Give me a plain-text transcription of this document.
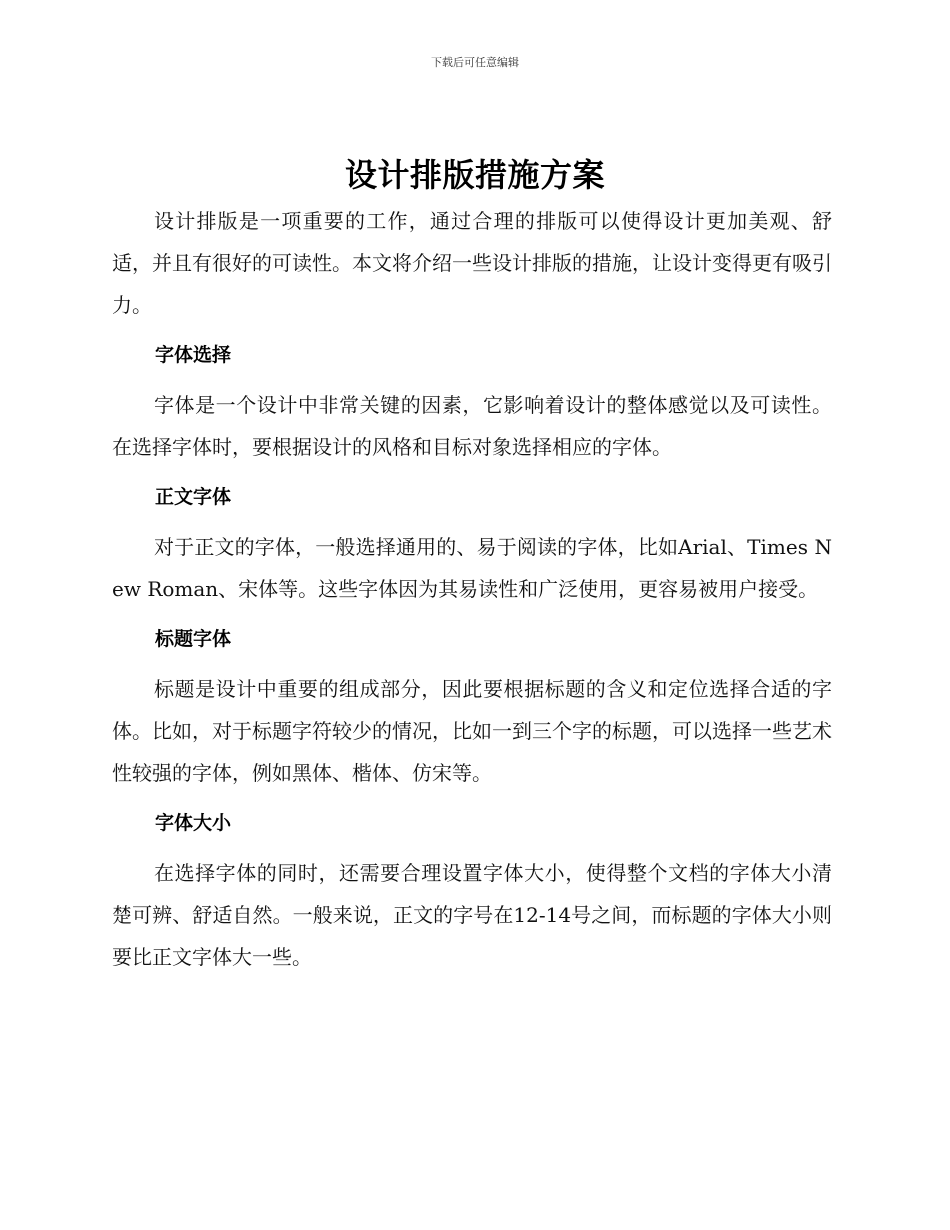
下载后可任意编辑
设计排版措施方案

设计排版是一项重要的工作，通过合理的排版可以使得设计更加美观、舒适，并且有很好的可读性。本文将介绍一些设计排版的措施，让设计变得更有吸引力。

字体选择

字体是一个设计中非常关键的因素，它影响着设计的整体感觉以及可读性。在选择字体时，要根据设计的风格和目标对象选择相应的字体。

正文字体

对于正文的字体，一般选择通用的、易于阅读的字体，比如Arial、Times New Roman、宋体等。这些字体因为其易读性和广泛使用，更容易被用户接受。

标题字体

标题是设计中重要的组成部分，因此要根据标题的含义和定位选择合适的字体。比如，对于标题字符较少的情况，比如一到三个字的标题，可以选择一些艺术性较强的字体，例如黑体、楷体、仿宋等。

字体大小

在选择字体的同时，还需要合理设置字体大小，使得整个文档的字体大小清楚可辨、舒适自然。一般来说，正文的字号在12-14号之间，而标题的字体大小则要比正文字体大一些。
